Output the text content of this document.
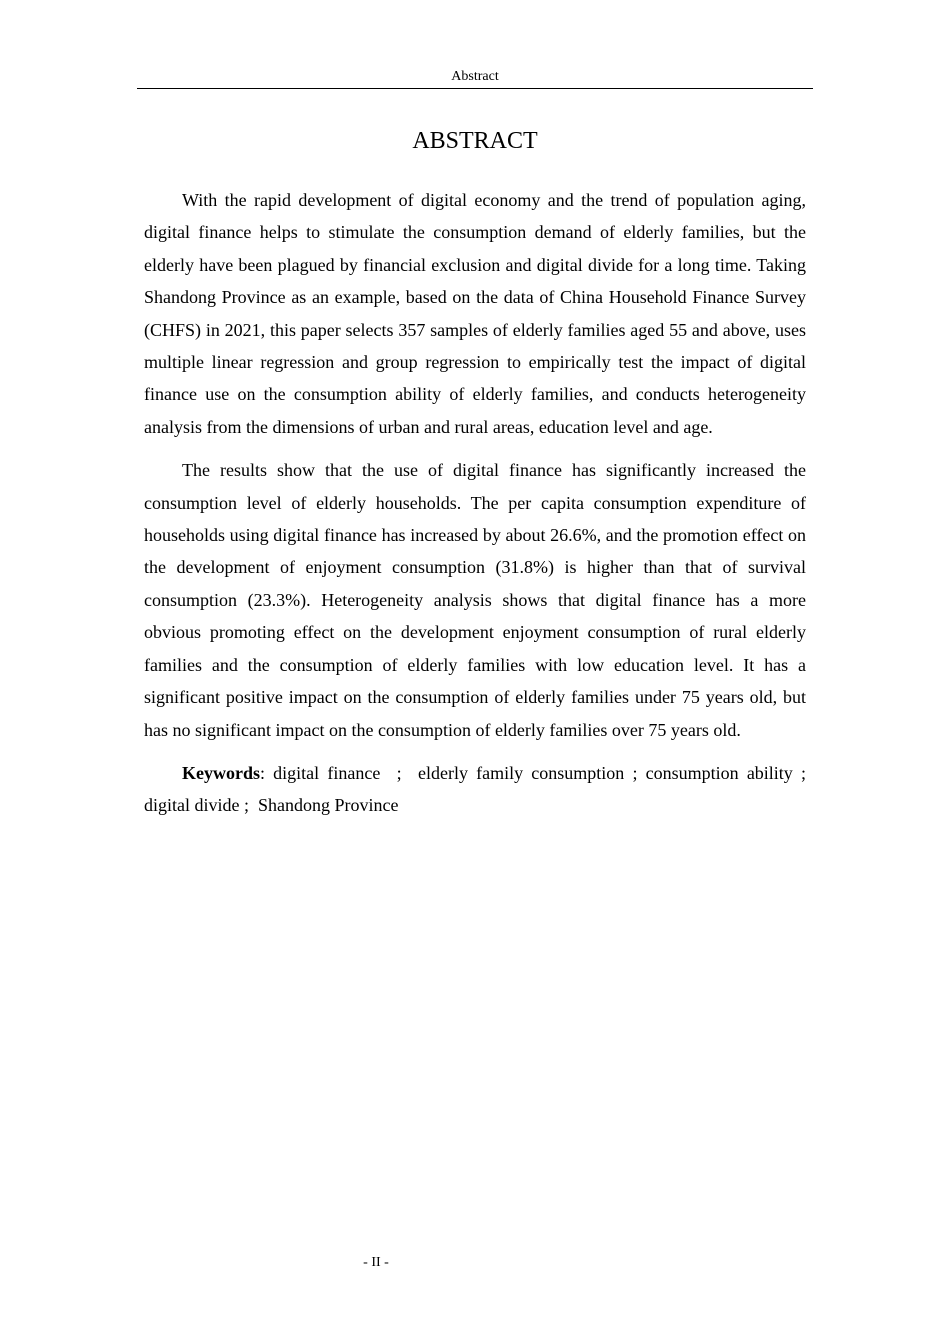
Abstract
ABSTRACT

With the rapid development of digital economy and the trend of population aging, digital finance helps to stimulate the consumption demand of elderly families, but the elderly have been plagued by financial exclusion and digital divide for a long time. Taking Shandong Province as an example, based on the data of China Household Finance Survey (CHFS) in 2021, this paper selects 357 samples of elderly families aged 55 and above, uses multiple linear regression and group regression to empirically test the impact of digital finance use on the consumption ability of elderly families, and conducts heterogeneity analysis from the dimensions of urban and rural areas, education level and age.

The results show that the use of digital finance has significantly increased the consumption level of elderly households. The per capita consumption expenditure of households using digital finance has increased by about 26.6%, and the promotion effect on the development of enjoyment consumption (31.8%) is higher than that of survival consumption (23.3%). Heterogeneity analysis shows that digital finance has a more obvious promoting effect on the development enjoyment consumption of rural elderly families and the consumption of elderly families with low education level. It has a significant positive impact on the consumption of elderly families under 75 years old, but has no significant impact on the consumption of elderly families over 75 years old.

Keywords: digital finance  ;  elderly family consumption ; consumption ability ; digital divide ;  Shandong Province

- II -
